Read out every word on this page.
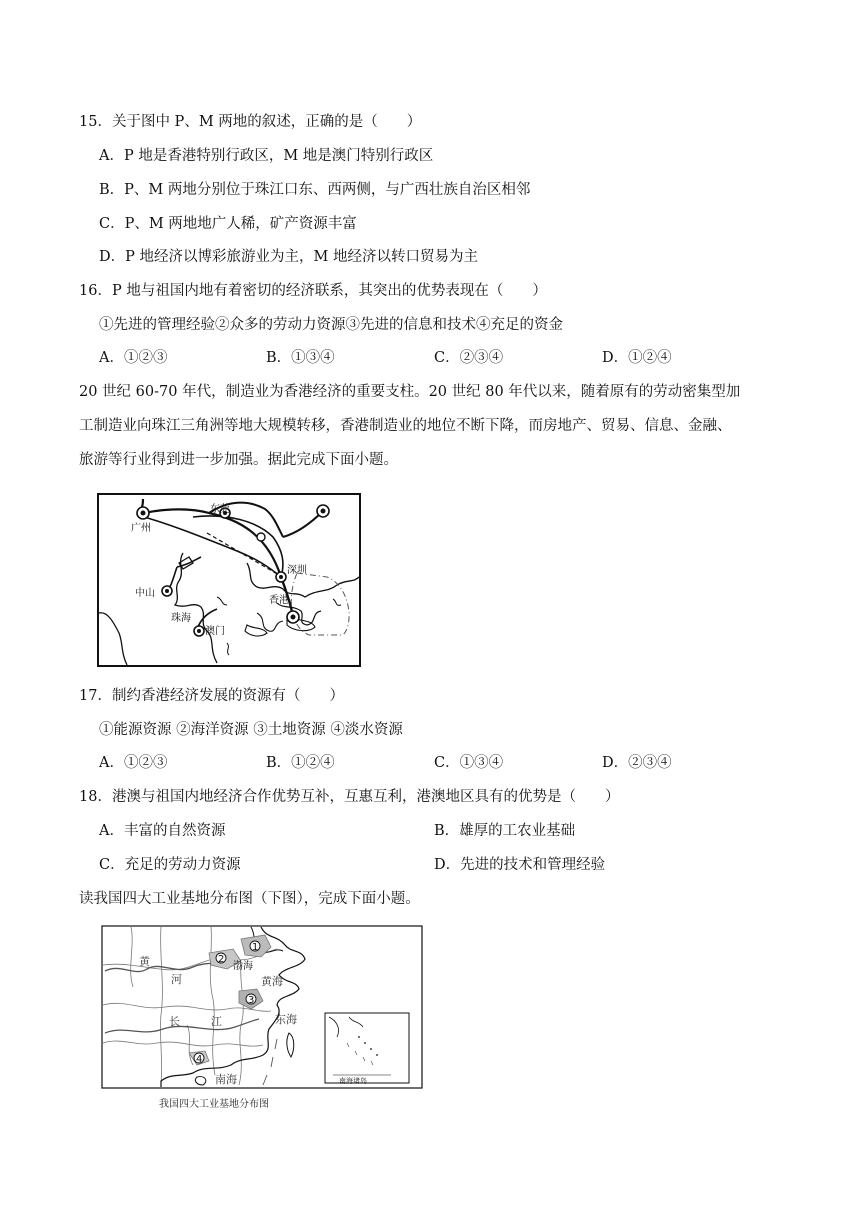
15．关于图中 P、M 两地的叙述，正确的是（　　）
A．P 地是香港特别行政区，M 地是澳门特别行政区
B．P、M 两地分别位于珠江口东、西两侧，与广西壮族自治区相邻
C．P、M 两地地广人稀，矿产资源丰富
D．P 地经济以博彩旅游业为主，M 地经济以转口贸易为主
16．P 地与祖国内地有着密切的经济联系，其突出的优势表现在（　　）
①先进的管理经验②众多的劳动力资源③先进的信息和技术④充足的资金
A．①②③	B．①③④	C．②③④	D．①②④
20 世纪 60-70 年代，制造业为香港经济的重要支柱。20 世纪 80 年代以来，随着原有的劳动密集型加
工制造业向珠江三角洲等地大规模转移，香港制造业的地位不断下降，而房地产、贸易、信息、金融、
旅游等行业得到进一步加强。据此完成下面小题。
广州
东莞
深圳
中山
香港
珠海
澳门
17．制约香港经济发展的资源有（　　）
①能源资源 ②海洋资源 ③土地资源 ④淡水资源
A．①②③	B．①②④	C．①③④	D．②③④
18．港澳与祖国内地经济合作优势互补，互惠互利，港澳地区具有的优势是（　　）
A．丰富的自然资源	B．雄厚的工农业基础
C．充足的劳动力资源	D．先进的技术和管理经验
读我国四大工业基地分布图（下图），完成下面小题。
1
2
3
4
黄
河
渤海
黄海
长	江	东海
南海	南海诸岛
我国四大工业基地分布图
